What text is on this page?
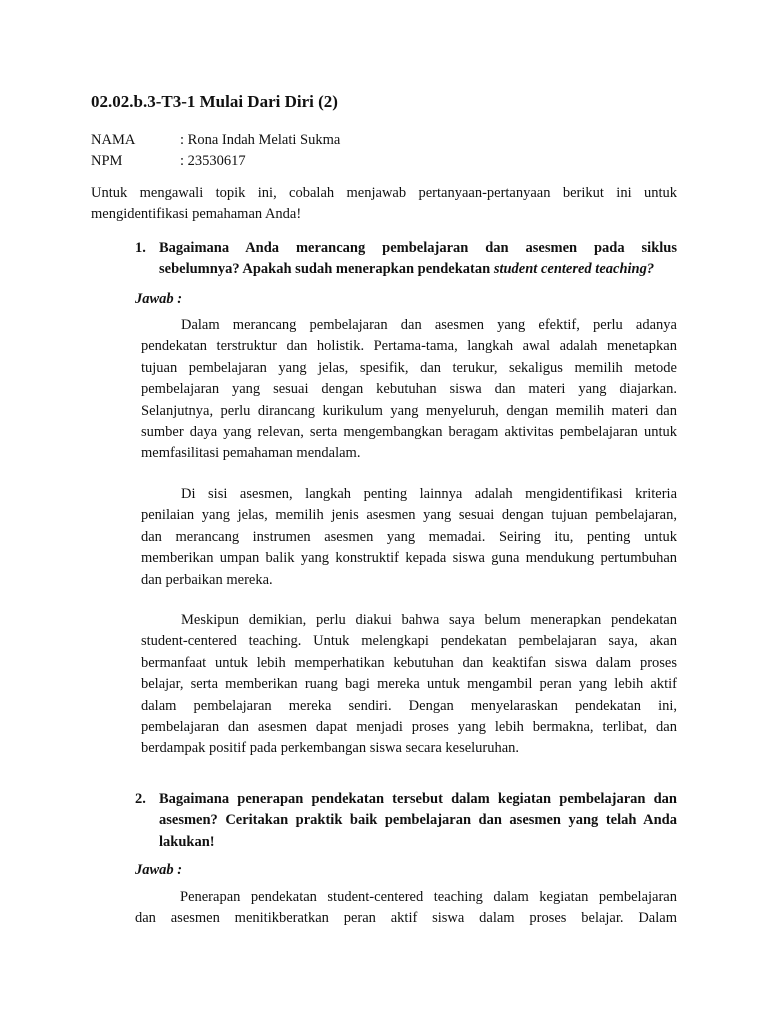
02.02.b.3-T3-1 Mulai Dari Diri (2)
NAMA	: Rona Indah Melati Sukma
NPM	: 23530617
Untuk mengawali topik ini, cobalah menjawab pertanyaan-pertanyaan berikut ini untuk
mengidentifikasi pemahaman Anda!
1. Bagaimana Anda merancang pembelajaran dan asesmen pada siklus
sebelumnya? Apakah sudah menerapkan pendekatan student centered teaching?
Jawab :
Dalam merancang pembelajaran dan asesmen yang efektif, perlu adanya
pendekatan terstruktur dan holistik. Pertama-tama, langkah awal adalah menetapkan
tujuan pembelajaran yang jelas, spesifik, dan terukur, sekaligus memilih metode
pembelajaran yang sesuai dengan kebutuhan siswa dan materi yang diajarkan.
Selanjutnya, perlu dirancang kurikulum yang menyeluruh, dengan memilih materi dan
sumber daya yang relevan, serta mengembangkan beragam aktivitas pembelajaran untuk
memfasilitasi pemahaman mendalam.
Di sisi asesmen, langkah penting lainnya adalah mengidentifikasi kriteria
penilaian yang jelas, memilih jenis asesmen yang sesuai dengan tujuan pembelajaran,
dan merancang instrumen asesmen yang memadai. Seiring itu, penting untuk
memberikan umpan balik yang konstruktif kepada siswa guna mendukung pertumbuhan
dan perbaikan mereka.
Meskipun demikian, perlu diakui bahwa saya belum menerapkan pendekatan
student-centered teaching. Untuk melengkapi pendekatan pembelajaran saya, akan
bermanfaat untuk lebih memperhatikan kebutuhan dan keaktifan siswa dalam proses
belajar, serta memberikan ruang bagi mereka untuk mengambil peran yang lebih aktif
dalam pembelajaran mereka sendiri. Dengan menyelaraskan pendekatan ini,
pembelajaran dan asesmen dapat menjadi proses yang lebih bermakna, terlibat, dan
berdampak positif pada perkembangan siswa secara keseluruhan.
2. Bagaimana penerapan pendekatan tersebut dalam kegiatan pembelajaran dan
asesmen? Ceritakan praktik baik pembelajaran dan asesmen yang telah Anda
lakukan!
Jawab :
Penerapan pendekatan student-centered teaching dalam kegiatan pembelajaran
dan asesmen menitikberatkan peran aktif siswa dalam proses belajar. Dalam
